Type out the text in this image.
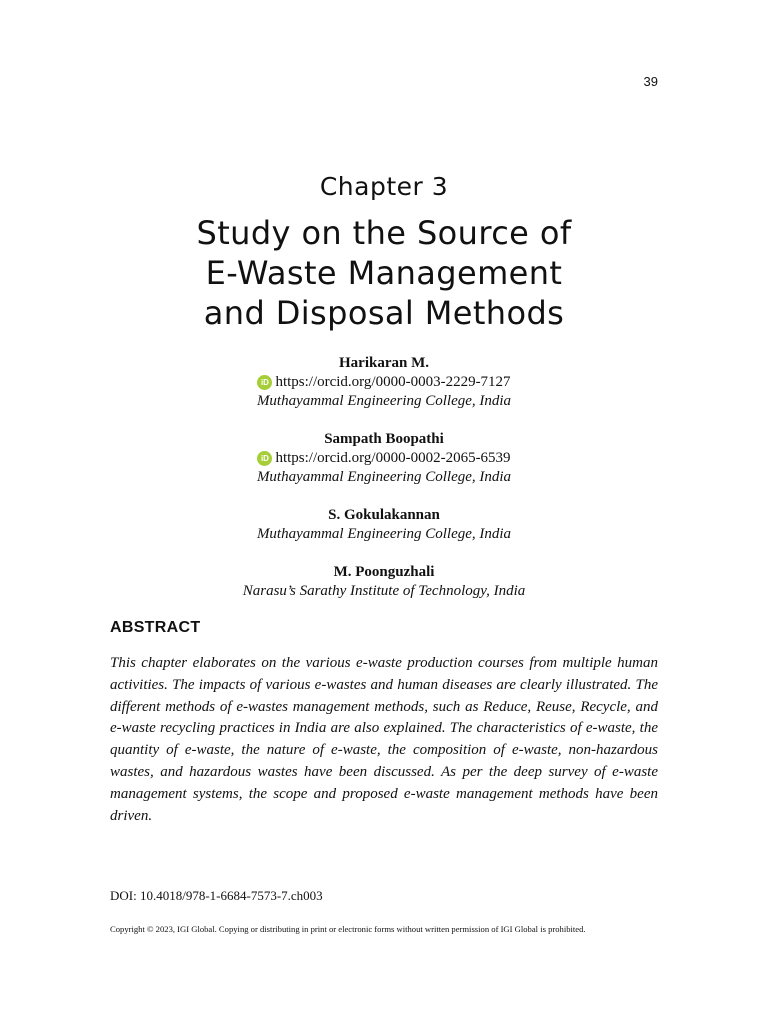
39
Chapter 3
Study on the Source of
E-Waste Management
and Disposal Methods
Harikaran M.
iD https://orcid.org/0000-0003-2229-7127
Muthayammal Engineering College, India
Sampath Boopathi
iD https://orcid.org/0000-0002-2065-6539
Muthayammal Engineering College, India
S. Gokulakannan
Muthayammal Engineering College, India
M. Poonguzhali
Narasu’s Sarathy Institute of Technology, India
ABSTRACT
This chapter elaborates on the various e-waste production courses from multiple human activities. The impacts of various e-wastes and human diseases are clearly illustrated. The different methods of e-wastes management methods, such as Reduce, Reuse, Recycle, and e-waste recycling practices in India are also explained. The characteristics of e-waste, the quantity of e-waste, the nature of e-waste, the composition of e-waste, non-hazardous wastes, and hazardous wastes have been discussed. As per the deep survey of e-waste management systems, the scope and proposed e-waste management methods have been driven.
DOI: 10.4018/978-1-6684-7573-7.ch003
Copyright © 2023, IGI Global. Copying or distributing in print or electronic forms without written permission of IGI Global is prohibited.
